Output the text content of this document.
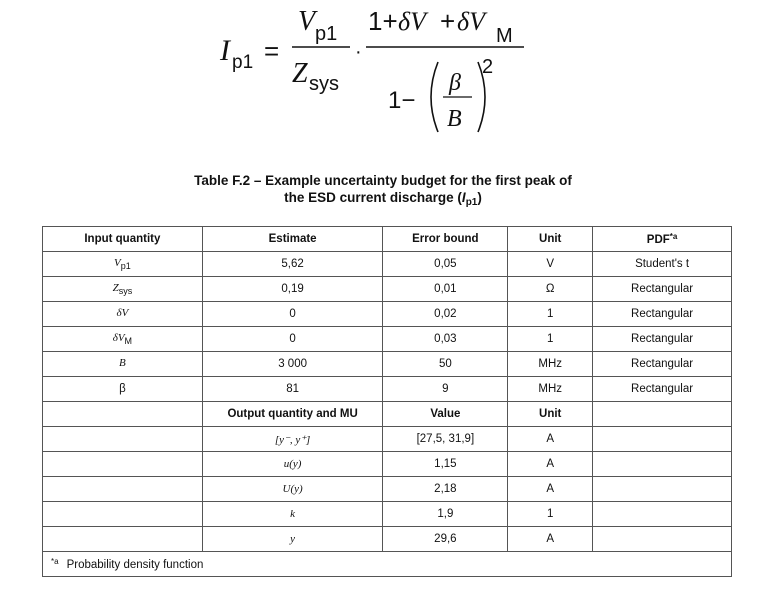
I p1 =
V p1
Z sys
·
1+ δV + δV M
1−
β
B
2
Table F.2 – Example uncertainty budget for the first peak of
the ESD current discharge $(I_{p1})$
Input quantity	Estimate	Error bound	Unit	PDF$^{*a}$
$V_{p1}$	5,62	0,05	V	Student's t
$Z_{sys}$	0,19	0,01	Ω	Rectangular
δV	0	0,02	1	Rectangular
$\delta V_M$	0	0,03	1	Rectangular
B	3 000	50	MHz	Rectangular
β	81	9	MHz	Rectangular
	Output quantity and MU	Value	Unit	
	[y⁻, y⁺]	[27,5, 31,9]	A	
	u(y)	1,15	A	
	U(y)	2,18	A	
	k	1,9	1	
	y	29,6	A	
$^{*a}$ Probability density function				
